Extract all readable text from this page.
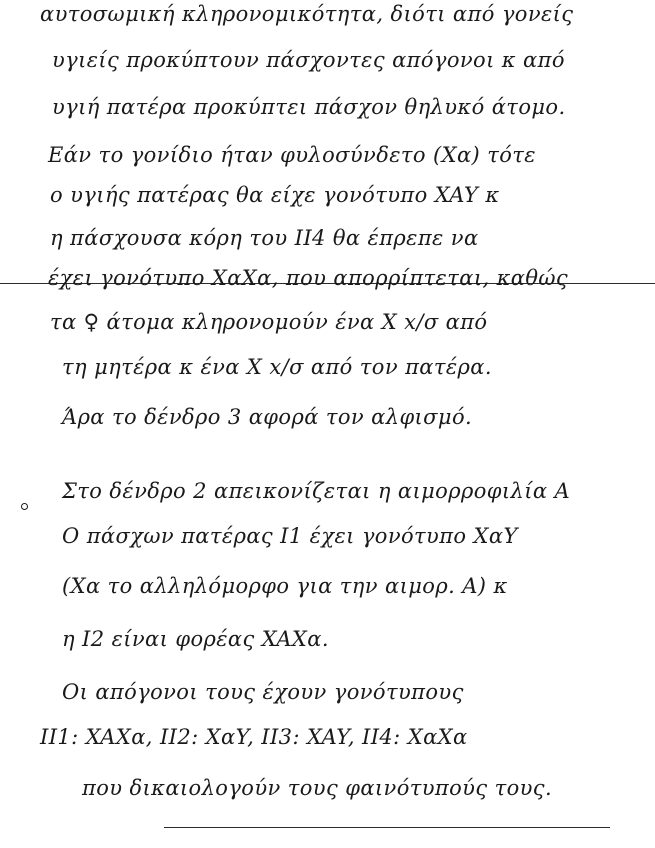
αυτοσωμική κληρονομικότητα, διότι από γονείς
υγιείς προκύπτουν πάσχοντες απόγονοι κ από
υγιή πατέρα προκύπτει πάσχον θηλυκό άτομο.
Εάν το γονίδιο ήταν φυλοσύνδετο (Xα) τότε
ο υγιής πατέρας θα είχε γονότυπο XAY κ
η πάσχουσα κόρη του II4 θα έπρεπε να
έχει γονότυπο XαXα, που απορρίπτεται, καθώς
τα ♀ άτομα κληρονομούν ένα X x/σ από
τη μητέρα κ ένα X x/σ από τον πατέρα.
Άρα το δένδρο 3 αφορά τον αλφισμό.
Στο δένδρο 2 απεικονίζεται η αιμορροφιλία A
Ο πάσχων πατέρας I1 έχει γονότυπο XαY
(Xα το αλληλόμορφο για την αιμορ. A) κ
η I2 είναι φορέας XAXα.
Οι απόγονοι τους έχουν γονότυπους
II1: XAXα, II2: XαY, II3: XAY, II4: XαXα
που δικαιολογούν τους φαινότυπούς τους.
